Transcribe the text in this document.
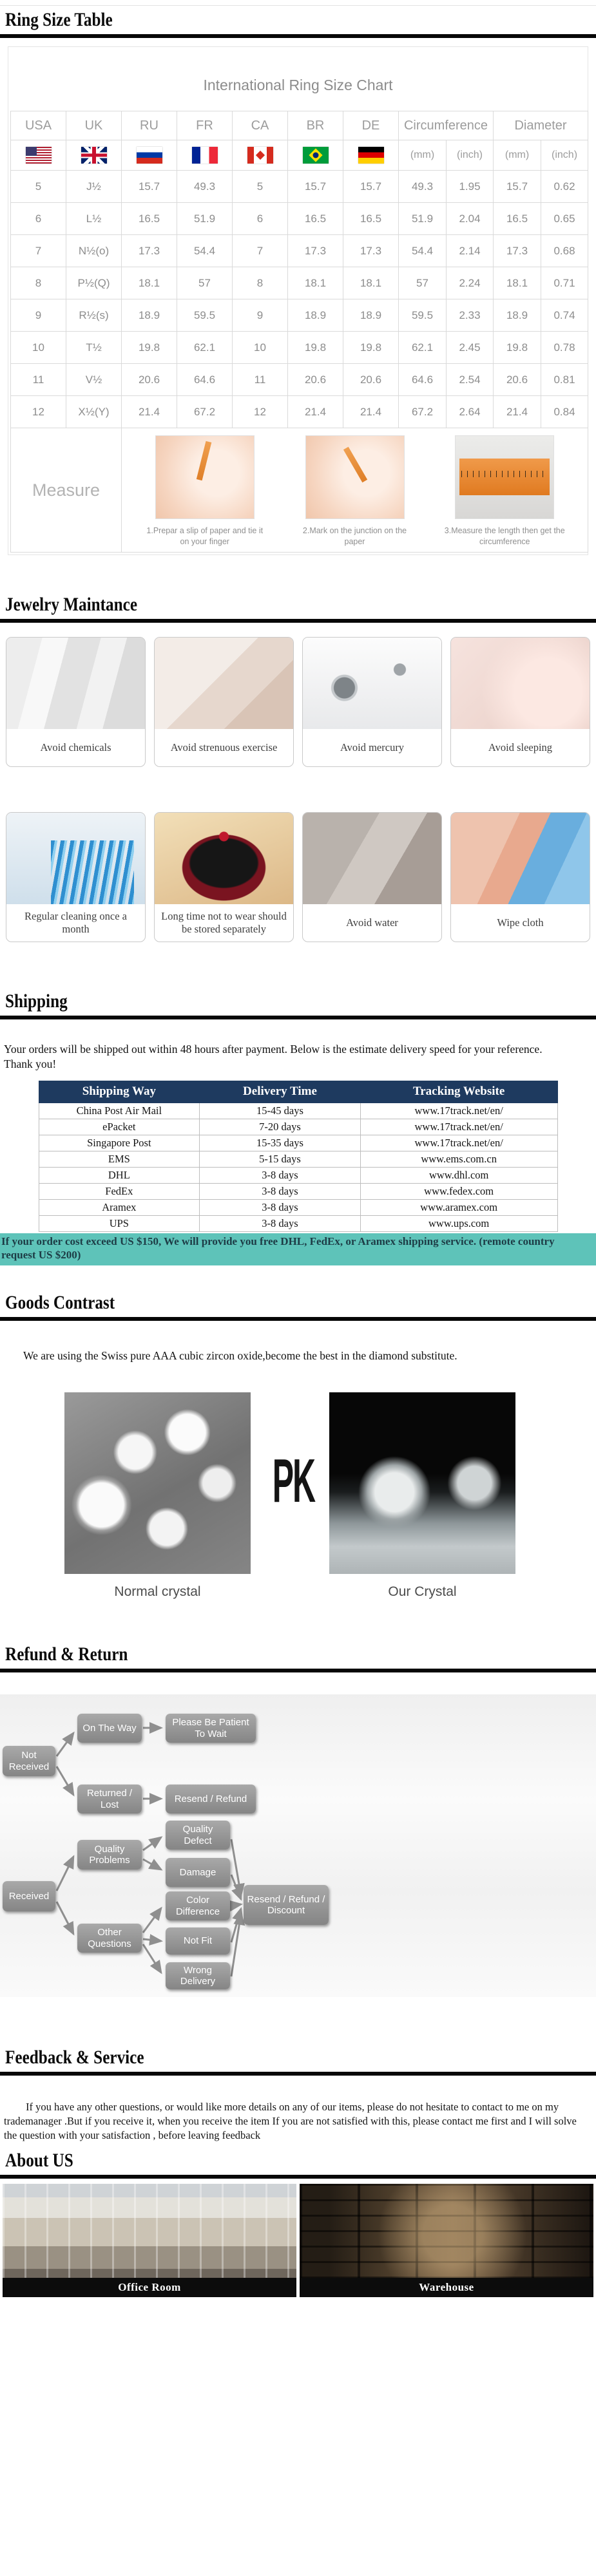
Ring Size Table
International Ring Size Chart
USA	UK	RU	FR	CA	BR	DE	Circumference		Diameter	
							(mm)	(inch)	(mm)	(inch)
5	J½	15.7	49.3	5	15.7	15.7	49.3	1.95	15.7	0.62
6	L½	16.5	51.9	6	16.5	16.5	51.9	2.04	16.5	0.65
7	N½(o)	17.3	54.4	7	17.3	17.3	54.4	2.14	17.3	0.68
8	P½(Q)	18.1	57	8	18.1	18.1	57	2.24	18.1	0.71
9	R½(s)	18.9	59.5	9	18.9	18.9	59.5	2.33	18.9	0.74
10	T½	19.8	62.1	10	19.8	19.8	62.1	2.45	19.8	0.78
11	V½	20.6	64.6	11	20.6	20.6	64.6	2.54	20.6	0.81
12	X½(Y)	21.4	67.2	12	21.4	21.4	67.2	2.64	21.4	0.84
Measure		1.Prepar a slip of paper and tie it on your finger
2.Mark on the junction on the paper
3.Measure the length then get the circumference								
Jewelry Maintance
Avoid chemicals	Avoid strenuous exercise	Avoid mercury	Avoid sleeping
Regular cleaning once a month
Long time not to wear should be stored separately
Avoid water	Wipe cloth
Shipping
Your orders will be shipped out within 48 hours after payment. Below is the estimate delivery speed for your reference.
Thank you!
Shipping Way	Delivery Time	Tracking Website
China Post Air Mail	15-45 days	www.17track.net/en/
ePacket	7-20 days	www.17track.net/en/
Singapore Post	15-35 days	www.17track.net/en/
EMS	5-15 days	www.ems.com.cn
DHL	3-8 days	www.dhl.com
FedEx	3-8 days	www.fedex.com
Aramex	3-8 days	www.aramex.com
UPS	3-8 days	www.ups.com
If your order cost exceed US $150, We will provide you free DHL, FedEx, or Aramex shipping service. (remote country request US $200)
Goods Contrast
We are using the Swiss pure AAA cubic zircon oxide,become the best in the diamond substitute.
PK
Normal crystal	Our Crystal
Refund & Return
Not Received
On The Way
Please Be Patient To Wait
Returned / Lost
Resend / Refund
Received
Quality Problems
Quality Defect
Damage
Other Questions
Color Difference
Not Fit
Wrong Delivery
Resend / Refund / Discount
Feedback & Service
If you have any other questions, or would like more details on any of our items, please do not hesitate to contact to me on my trademanager .But if you receive it, when you receive the item If you are not satisfied with this, please contact me first and I will solve the question with your satisfaction , before leaving feedback
About US
Office Room	Warehouse
